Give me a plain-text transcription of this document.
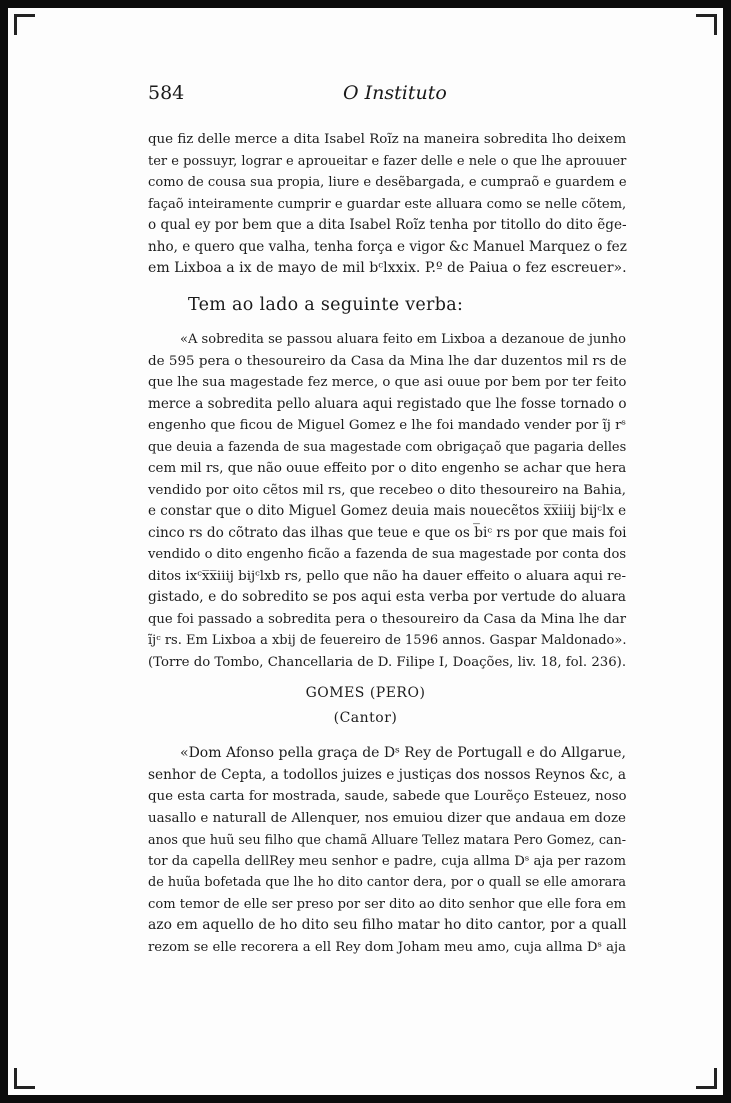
584	O Instituto
que fiz delle merce a dita Isabel Roĩz na maneira sobredita lho deixem
ter e possuyr, lograr e aproueitar e fazer delle e nele o que lhe aprouuer
como de cousa sua propia, liure e desẽbargada, e cumpraõ e guardem e
façaõ inteiramente cumprir e guardar este alluara como se nelle cõtem,
o qual ey por bem que a dita Isabel Roĩz tenha por titollo do dito ẽge-
nho, e quero que valha, tenha força e vigor &c Manuel Marquez o fez
em Lixboa a ix de mayo de mil bᶜlxxix. P.º de Paiua o fez escreuer».
Tem ao lado a seguinte verba:
«A sobredita se passou aluara feito em Lixboa a dezanoue de junho
de 595 pera o thesoureiro da Casa da Mina lhe dar duzentos mil rs de
que lhe sua magestade fez merce, o que asi ouue por bem por ter feito
merce a sobredita pello aluara aqui registado que lhe fosse tornado o
engenho que ficou de Miguel Gomez e lhe foi mandado vender por ĩj rˢ
que deuia a fazenda de sua magestade com obrigaçaõ que pagaria delles
cem mil rs, que não ouue effeito por o dito engenho se achar que hera
vendido por oito cẽtos mil rs, que recebeo o dito thesoureiro na Bahia,
e constar que o dito Miguel Gomez deuia mais nouecẽtos x̅x̅iiij bijᶜlx e
cinco rs do cõtrato das ilhas que teue e que os b̅iᶜ rs por que mais foi
vendido o dito engenho ficão a fazenda de sua magestade por conta dos
ditos ixᶜx̅x̅iiij bijᶜlxb rs, pello que não ha dauer effeito o aluara aqui re-
gistado, e do sobredito se pos aqui esta verba por vertude do aluara
que foi passado a sobredita pera o thesoureiro da Casa da Mina lhe dar
ĩjᶜ rs. Em Lixboa a xbij de feuereiro de 1596 annos. Gaspar Maldonado».
(Torre do Tombo, Chancellaria de D. Filipe I, Doações, liv. 18, fol. 236).
GOMES (PERO)
(Cantor)
«Dom Afonso pella graça de Dˢ Rey de Portugall e do Allgarue,
senhor de Cepta, a todollos juizes e justiças dos nossos Reynos &c, a
que esta carta for mostrada, saude, sabede que Lourẽço Esteuez, noso
uasallo e naturall de Allenquer, nos emuiou dizer que andaua em doze
anos que huũ seu filho que chamã Alluare Tellez matara Pero Gomez, can-
tor da capella dellRey meu senhor e padre, cuja allma Dˢ aja per razom
de huũa bofetada que lhe ho dito cantor dera, por o quall se elle amorara
com temor de elle ser preso por ser dito ao dito senhor que elle fora em
azo em aquello de ho dito seu filho matar ho dito cantor, por a quall
rezom se elle recorera a ell Rey dom Joham meu amo, cuja allma Dˢ aja
